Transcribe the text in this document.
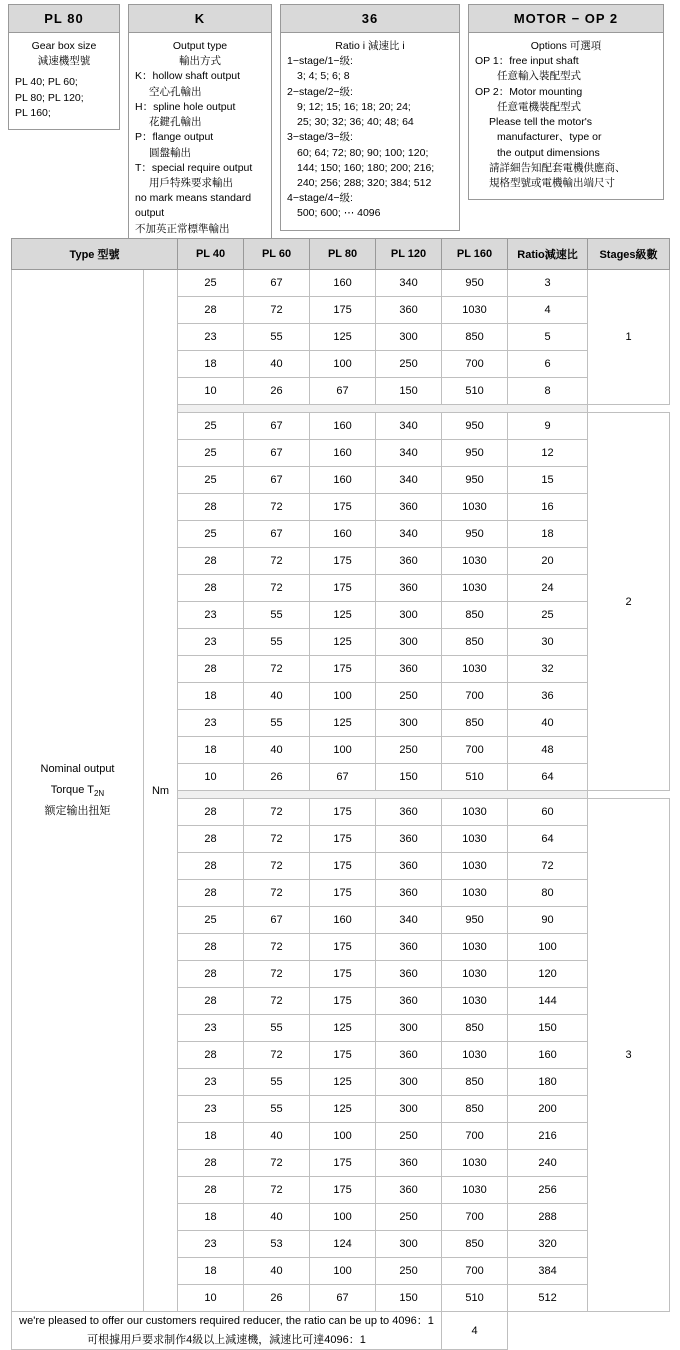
PL 80
Gear box size
減速機型號
PL 40; PL 60;
PL 80; PL 120;
PL 160;
K
Output type
輸出方式
K：hollow shaft output
空心孔輸出
H：spline hole output
花鍵孔輸出
P：flange output
圓盤輸出
T：special require output
用戶特殊要求輸出
no mark means standard
output
不加英正常標準輸出
36
Ratio i 減速比 i
1−stage/1−级:
3; 4; 5; 6; 8
2−stage/2−级:
9; 12; 15; 16; 18; 20; 24;
25; 30; 32; 36; 40; 48; 64
3−stage/3−级:
60; 64; 72; 80; 90; 100; 120;
144; 150; 160; 180; 200; 216;
240; 256; 288; 320; 384; 512
4−stage/4−级:
500; 600; ⋯ 4096
MOTOR − OP 2
Options 可選項
OP 1：free input shaft
任意輸入裝配型式
OP 2：Motor mounting
任意電機裝配型式
Please tell the motor's
manufacturer、type or
the output dimensions
請詳細告知配套電機供應商、
規格型號或電機輸出端尺寸
Type 型號		PL 40	PL 60	PL 80	PL 120	PL 160	Ratio減速比	Stages級數

Nominal output
Torque $T_{2N}$
额定输出扭矩	Nm	25	67	160	340	950	3	1
		28	72	175	360	1030	4	
		23	55	125	300	850	5	
		18	40	100	250	700	6	
		10	26	67	150	510	8	

		25	67	160	340	950	9	2
		25	67	160	340	950	12	
		25	67	160	340	950	15	
		28	72	175	360	1030	16	
		25	67	160	340	950	18	
		28	72	175	360	1030	20	
		28	72	175	360	1030	24	
		23	55	125	300	850	25	
		23	55	125	300	850	30	
		28	72	175	360	1030	32	
		18	40	100	250	700	36	
		23	55	125	300	850	40	
		18	40	100	250	700	48	
		10	26	67	150	510	64	

		28	72	175	360	1030	60	3
		28	72	175	360	1030	64	
		28	72	175	360	1030	72	
		28	72	175	360	1030	80	
		25	67	160	340	950	90	
		28	72	175	360	1030	100	
		28	72	175	360	1030	120	
		28	72	175	360	1030	144	
		23	55	125	300	850	150	
		28	72	175	360	1030	160	
		23	55	125	300	850	180	
		23	55	125	300	850	200	
		18	40	100	250	700	216	
		28	72	175	360	1030	240	
		28	72	175	360	1030	256	
		18	40	100	250	700	288	
		23	53	124	300	850	320	
		18	40	100	250	700	384	
		10	26	67	150	510	512	

we're pleased to offer our customers required reducer, the ratio can be up to 4096：1
可根據用戶要求制作4級以上減速機，減速比可達4096：1						4		
